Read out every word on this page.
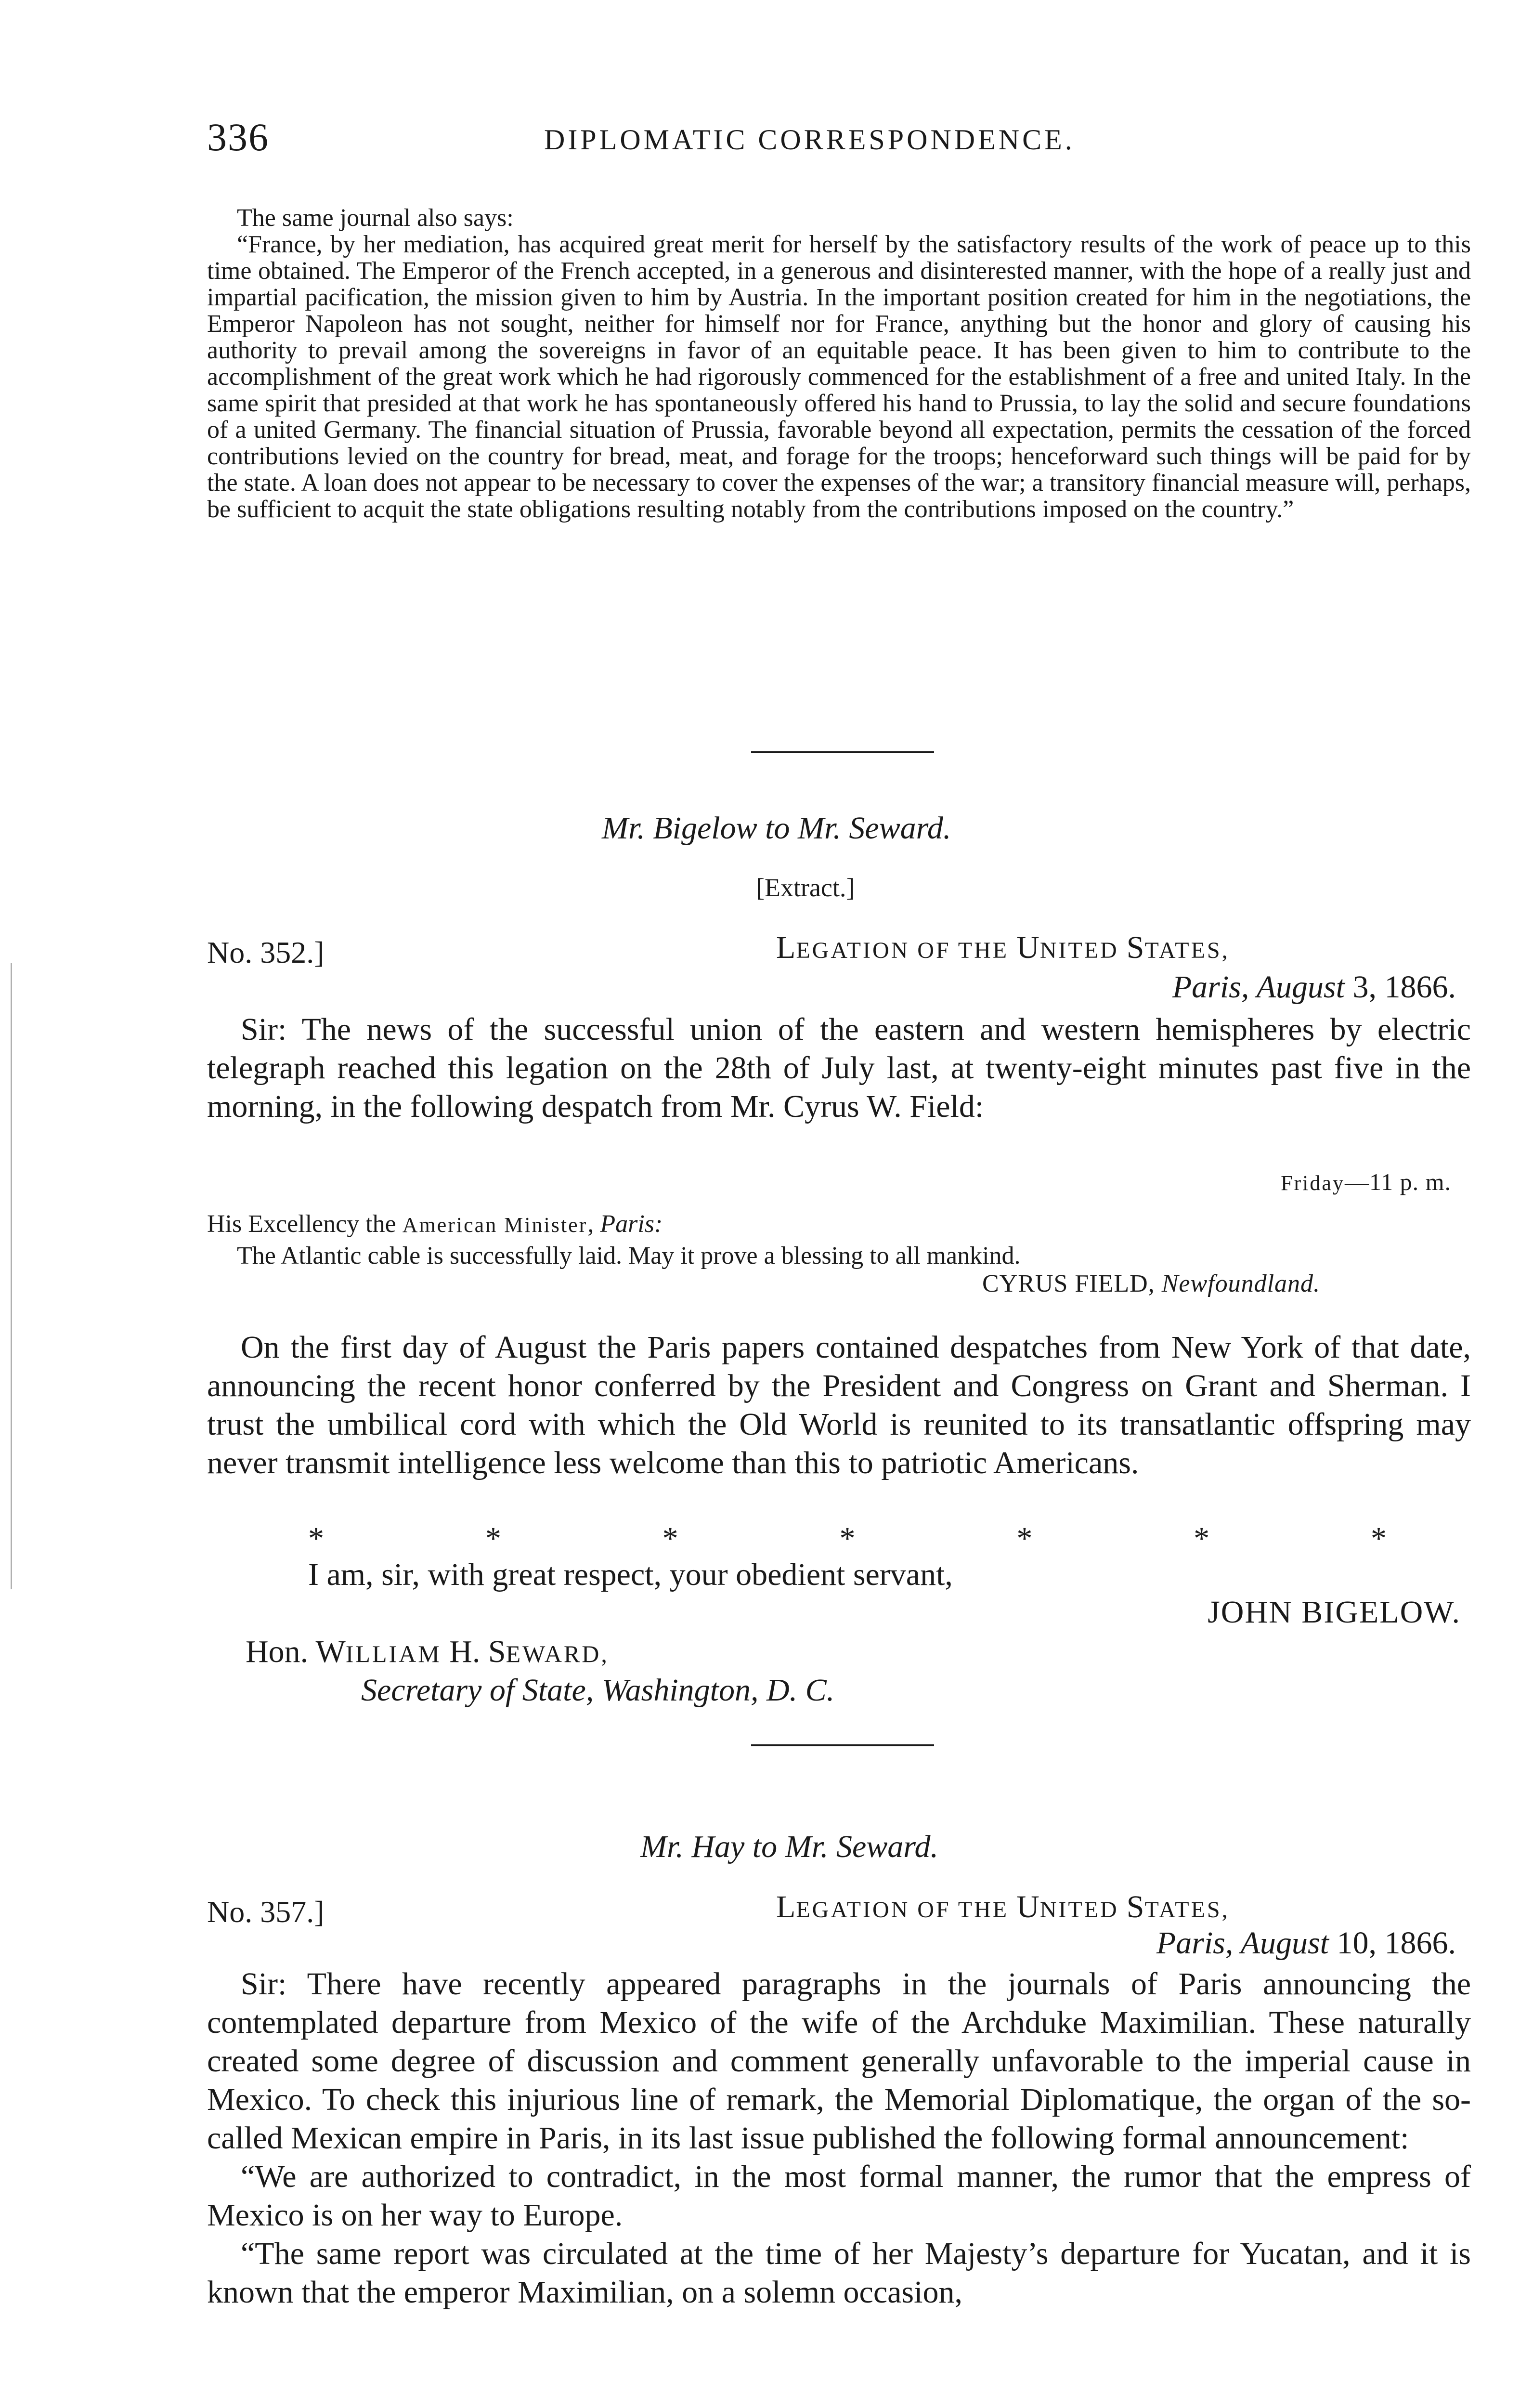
336	DIPLOMATIC CORRESPONDENCE.

The same journal also says:

“France, by her mediation, has acquired great merit for herself by the satisfactory results of the work of peace up to this time obtained. The Emperor of the French accepted, in a generous and disinterested manner, with the hope of a really just and impartial pacification, the mission given to him by Austria. In the important position created for him in the negotiations, the Emperor Napoleon has not sought, neither for himself nor for France, anything but the honor and glory of causing his authority to prevail among the sovereigns in favor of an equitable peace. It has been given to him to contribute to the accomplishment of the great work which he had rigorously commenced for the establishment of a free and united Italy. In the same spirit that presided at that work he has spontaneously offered his hand to Prussia, to lay the solid and secure foundations of a united Germany. The financial situation of Prussia, favorable beyond all expectation, permits the cessation of the forced contributions levied on the country for bread, meat, and forage for the troops; henceforward such things will be paid for by the state. A loan does not appear to be necessary to cover the expenses of the war; a transitory financial measure will, perhaps, be sufficient to acquit the state obligations resulting notably from the contributions imposed on the country.”

Mr. Bigelow to Mr. Seward.
[Extract.]
No. 352.]	LEGATION OF THE UNITED STATES,
Paris, August 3, 1866.

Sir: The news of the successful union of the eastern and western hemispheres by electric telegraph reached this legation on the 28th of July last, at twenty-eight minutes past five in the morning, in the following despatch from Mr. Cyrus W. Field:

Friday—11 p. m.
His Excellency the American Minister, Paris:
The Atlantic cable is successfully laid. May it prove a blessing to all mankind.
CYRUS FIELD, Newfoundland.

On the first day of August the Paris papers contained despatches from New York of that date, announcing the recent honor conferred by the President and Congress on Grant and Sherman. I trust the umbilical cord with which the Old World is reunited to its transatlantic offspring may never transmit intelligence less welcome than this to patriotic Americans.

*	*	*	*	*	*	*
I am, sir, with great respect, your obedient servant,
JOHN BIGELOW.
Hon. WILLIAM H. SEWARD,
Secretary of State, Washington, D. C.
Mr. Hay to Mr. Seward.
No. 357.]	LEGATION OF THE UNITED STATES,
Paris, August 10, 1866.

Sir: There have recently appeared paragraphs in the journals of Paris announcing the contemplated departure from Mexico of the wife of the Archduke Maximilian. These naturally created some degree of discussion and comment generally unfavorable to the imperial cause in Mexico. To check this injurious line of remark, the Memorial Diplomatique, the organ of the so-called Mexican empire in Paris, in its last issue published the following formal announcement:

“We are authorized to contradict, in the most formal manner, the rumor that the empress of Mexico is on her way to Europe.

“The same report was circulated at the time of her Majesty’s departure for Yucatan, and it is known that the emperor Maximilian, on a solemn occasion,
